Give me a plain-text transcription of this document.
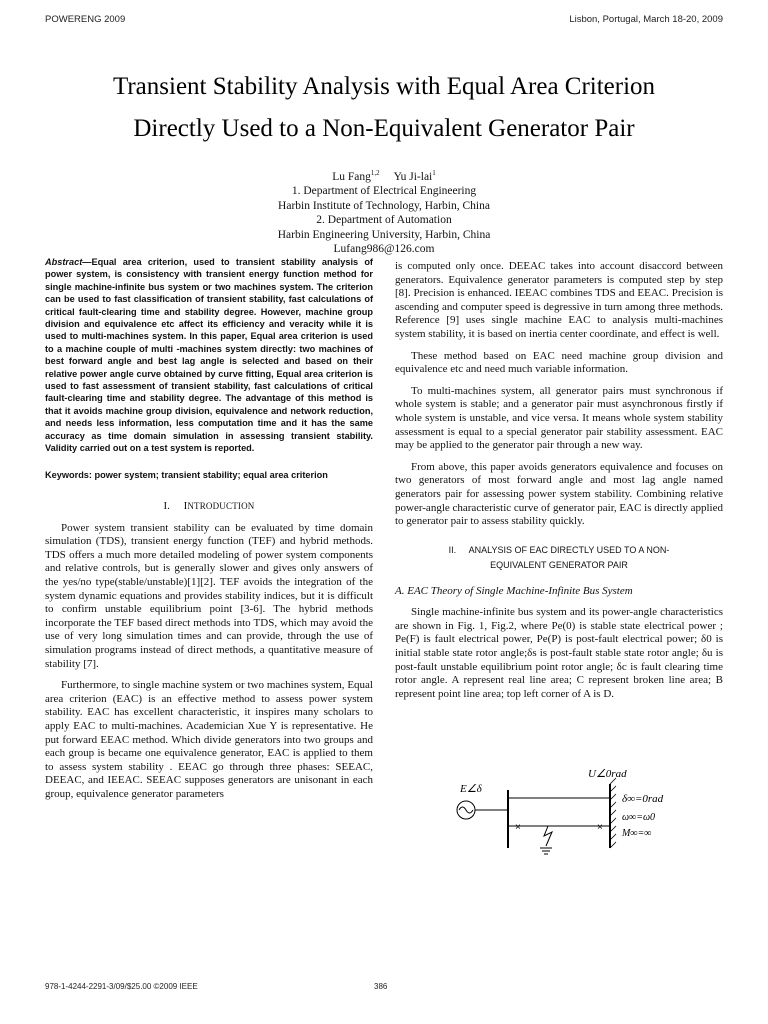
POWERENG 2009	Lisbon, Portugal, March 18-20, 2009
Transient Stability Analysis with Equal Area Criterion
Directly Used to a Non-Equivalent Generator Pair
Lu Fang$^{1,2}$ Yu Ji-lai$^1$
1. Department of Electrical Engineering
Harbin Institute of Technology, Harbin, China
2. Department of Automation
Harbin Engineering University, Harbin, China
Lufang986@126.com

Abstract—Equal area criterion, used to transient stability analysis of power system, is consistency with transient energy function method for single machine-infinite bus system or two machines system. The criterion can be used to fast classification of transient stability, fast calculations of critical fault-clearing time and stability degree. However, machine group division and equivalence etc affect its efficiency and veracity while it is used to multi-machines system. In this paper, Equal area criterion is used to a machine couple of multi -machines system directly: two machines of best forward angle and best lag angle is selected and based on their relative power angle curve obtained by curve fitting, Equal area criterion is used to fast assessment of transient stability, fast calculations of critical fault-clearing time and stability degree. The advantage of this method is that it avoids machine group division, equivalence and network reduction, and needs less information, less computation time and it has the same accuracy as time domain simulation in assessing transient stability. Validity carried out on a test system is reported.

Keywords: power system; transient stability; equal area criterion
I. INTRODUCTION

Power system transient stability can be evaluated by time domain simulation (TDS), transient energy function (TEF) and hybrid methods. TDS offers a much more detailed modeling of power system components and relative controls, but is generally slower and gives only answers of the yes/no type(stable/unstable)[1][2]. TEF avoids the integration of the system dynamic equations and provides stability indices, but it is difficult to confirm unstable equilibrium point [3-6]. The hybrid methods incorporate the TEF based direct methods into TDS, which may avoid the use of very long simulation times and can provide, through the use of simulation programs instead of direct methods, a quantitative measure of stability [7].

Furthermore, to single machine system or two machines system, Equal area criterion (EAC) is an effective method to assess power system stability. EAC has excellent characteristic, it inspires many scholars to apply EAC to multi-machines. Academician Xue Y is representative. He put forward EEAC method. Which divide generators into two groups and each group is became one equivalence generator, EAC is applied to them to assess system stability . EEAC go through three phases: SEEAC, DEEAC, and IEEAC. SEEAC supposes generators are unisonant in each group, equivalence generator parameters

is computed only once. DEEAC takes into account disaccord between generators. Equivalence generator parameters is computed step by step [8]. Precision is enhanced. IEEAC combines TDS and EEAC. Precision is ascending and computer speed is degressive in turn among three methods. Reference [9] uses single machine EAC to analysis multi-machines system stability, it is based on inertia center coordinate, and effect is well.

These method based on EAC need machine group division and equivalence etc and need much variable information.

To multi-machines system, all generator pairs must synchronous if whole system is stable; and a generator pair must asynchronous firstly if whole system is unstable, and vice versa. It means whole system stability assessment is equal to a special generator pair stability assessment. EAC may be applied to the generator pair through a new way.

From above, this paper avoids generators equivalence and focuses on two generators of most forward angle and most lag angle named generators pair for assessing power system stability. Combining relative power-angle characteristic curve of generator pair, EAC is directly applied to generator pair to assess stability quickly.

II. ANALYSIS OF EAC DIRECTLY USED TO A NON-
EQUIVALENT GENERATOR PAIR
A. EAC Theory of Single Machine-Infinite Bus System

Single machine-infinite bus system and its power-angle characteristics are shown in Fig. 1, Fig.2, where Pe(0) is stable state electrical power ; Pe(F) is fault electrical power, Pe(P) is post-fault electrical power; δ0 is initial stable state rotor angle;δs is post-fault stable state rotor angle; δu is post-fault unstable equilibrium point rotor angle; δc is fault clearing time rotor angle. A represent real line area; C represent broken line area; B represent point line area; top left corner of A is D.

U∠0rad
E∠δ
×	×
δ∞=0rad
ω∞=ω0
M∞=∞
978-1-4244-2291-3/09/$25.00 ©2009 IEEE	386
